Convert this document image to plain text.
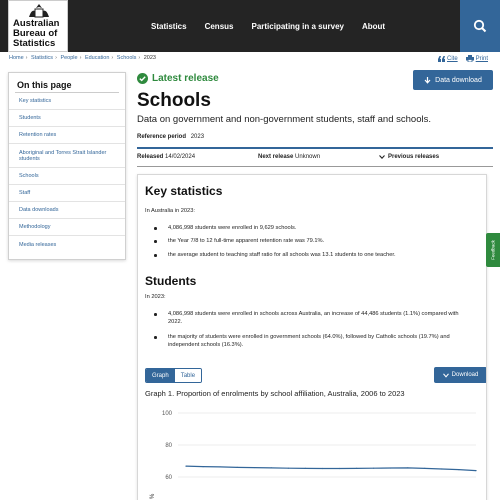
Australian
Bureau of
Statistics
Statistics Census Participating in a survey About
Home › Statistics › People › Education › Schools › 2023	Cite	Print
On this page
Key statistics
Students
Retention rates
Aboriginal and Torres Strait Islander students
Schools
Staff
Data downloads
Methodology
Media releases
Latest release	Data download
Schools
Data on government and non-government students, staff and schools.
Reference period 2023
Released 14/02/2024	Next release Unknown	Previous releases
Key statistics

In Australia in 2023:

4,086,998 students were enrolled in 9,629 schools.
the Year 7/8 to 12 full-time apparent retention rate was 79.1%.
the average student to teaching staff ratio for all schools was 13.1 students to one teacher.
Students

In 2023:

4,086,998 students were enrolled in schools across Australia, an increase of 44,486 students (1.1%) compared with 2022.
the majority of students were enrolled in government schools (64.0%), followed by Catholic schools (19.7%) and independent schools (16.3%).
Graph	Table	Download
Graph 1. Proportion of enrolments by school affiliation, Australia, 2006 to 2023
60
80
100
%
Feedback
